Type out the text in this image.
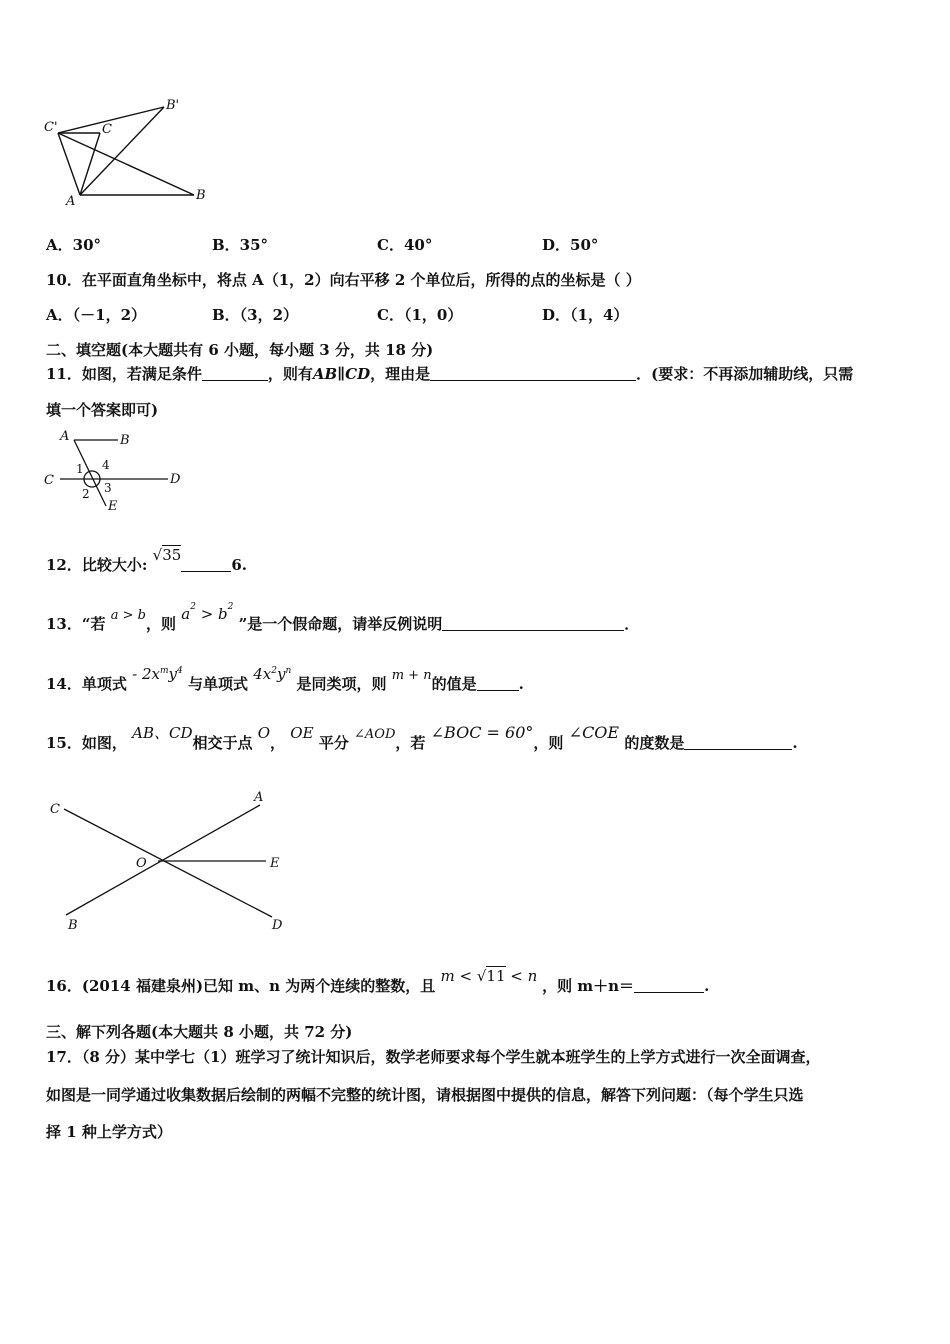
C'
B'
C
A	B
A．30°	B．35°	C．40°	D．50°
10．在平面直角坐标中，将点 A（1，2）向右平移 2 个单位后，所得的点的坐标是（ ）
A．（－1，2）	B．（3，2）	C．（1，0）	D．（1，4）
二、填空题(本大题共有 6 小题，每小题 3 分，共 18 分)
11．如图，若满足条件	，则有AB∥CD，理由是	．(要求：不再添加辅助线，只需
填一个答案即可)
A	B
C	D
E
1 4
2 3
12．比较大小: √356.
13．“若 a > b，则 $a^2 > b^2$ ”是一个假命题，请举反例说明	．
14．单项式 - $2x^my^4$ 与单项式 $4x^2y^n$ 是同类项，则 m + n的值是	.
15．如图， AB、CD相交于点 O， OE 平分 ∠AOD，若 ∠BOC = 60°，则 ∠COE 的度数是	.
C
A
O	E
B	D
16．(2014 福建泉州)已知 m、n 为两个连续的整数，且 m < √11 < n ，则 m＋n＝	.
三、解下列各题(本大题共 8 小题，共 72 分)
17．（8 分）某中学七（1）班学习了统计知识后，数学老师要求每个学生就本班学生的上学方式进行一次全面调查，
如图是一同学通过收集数据后绘制的两幅不完整的统计图，请根据图中提供的信息，解答下列问题：（每个学生只选
择 1 种上学方式）
